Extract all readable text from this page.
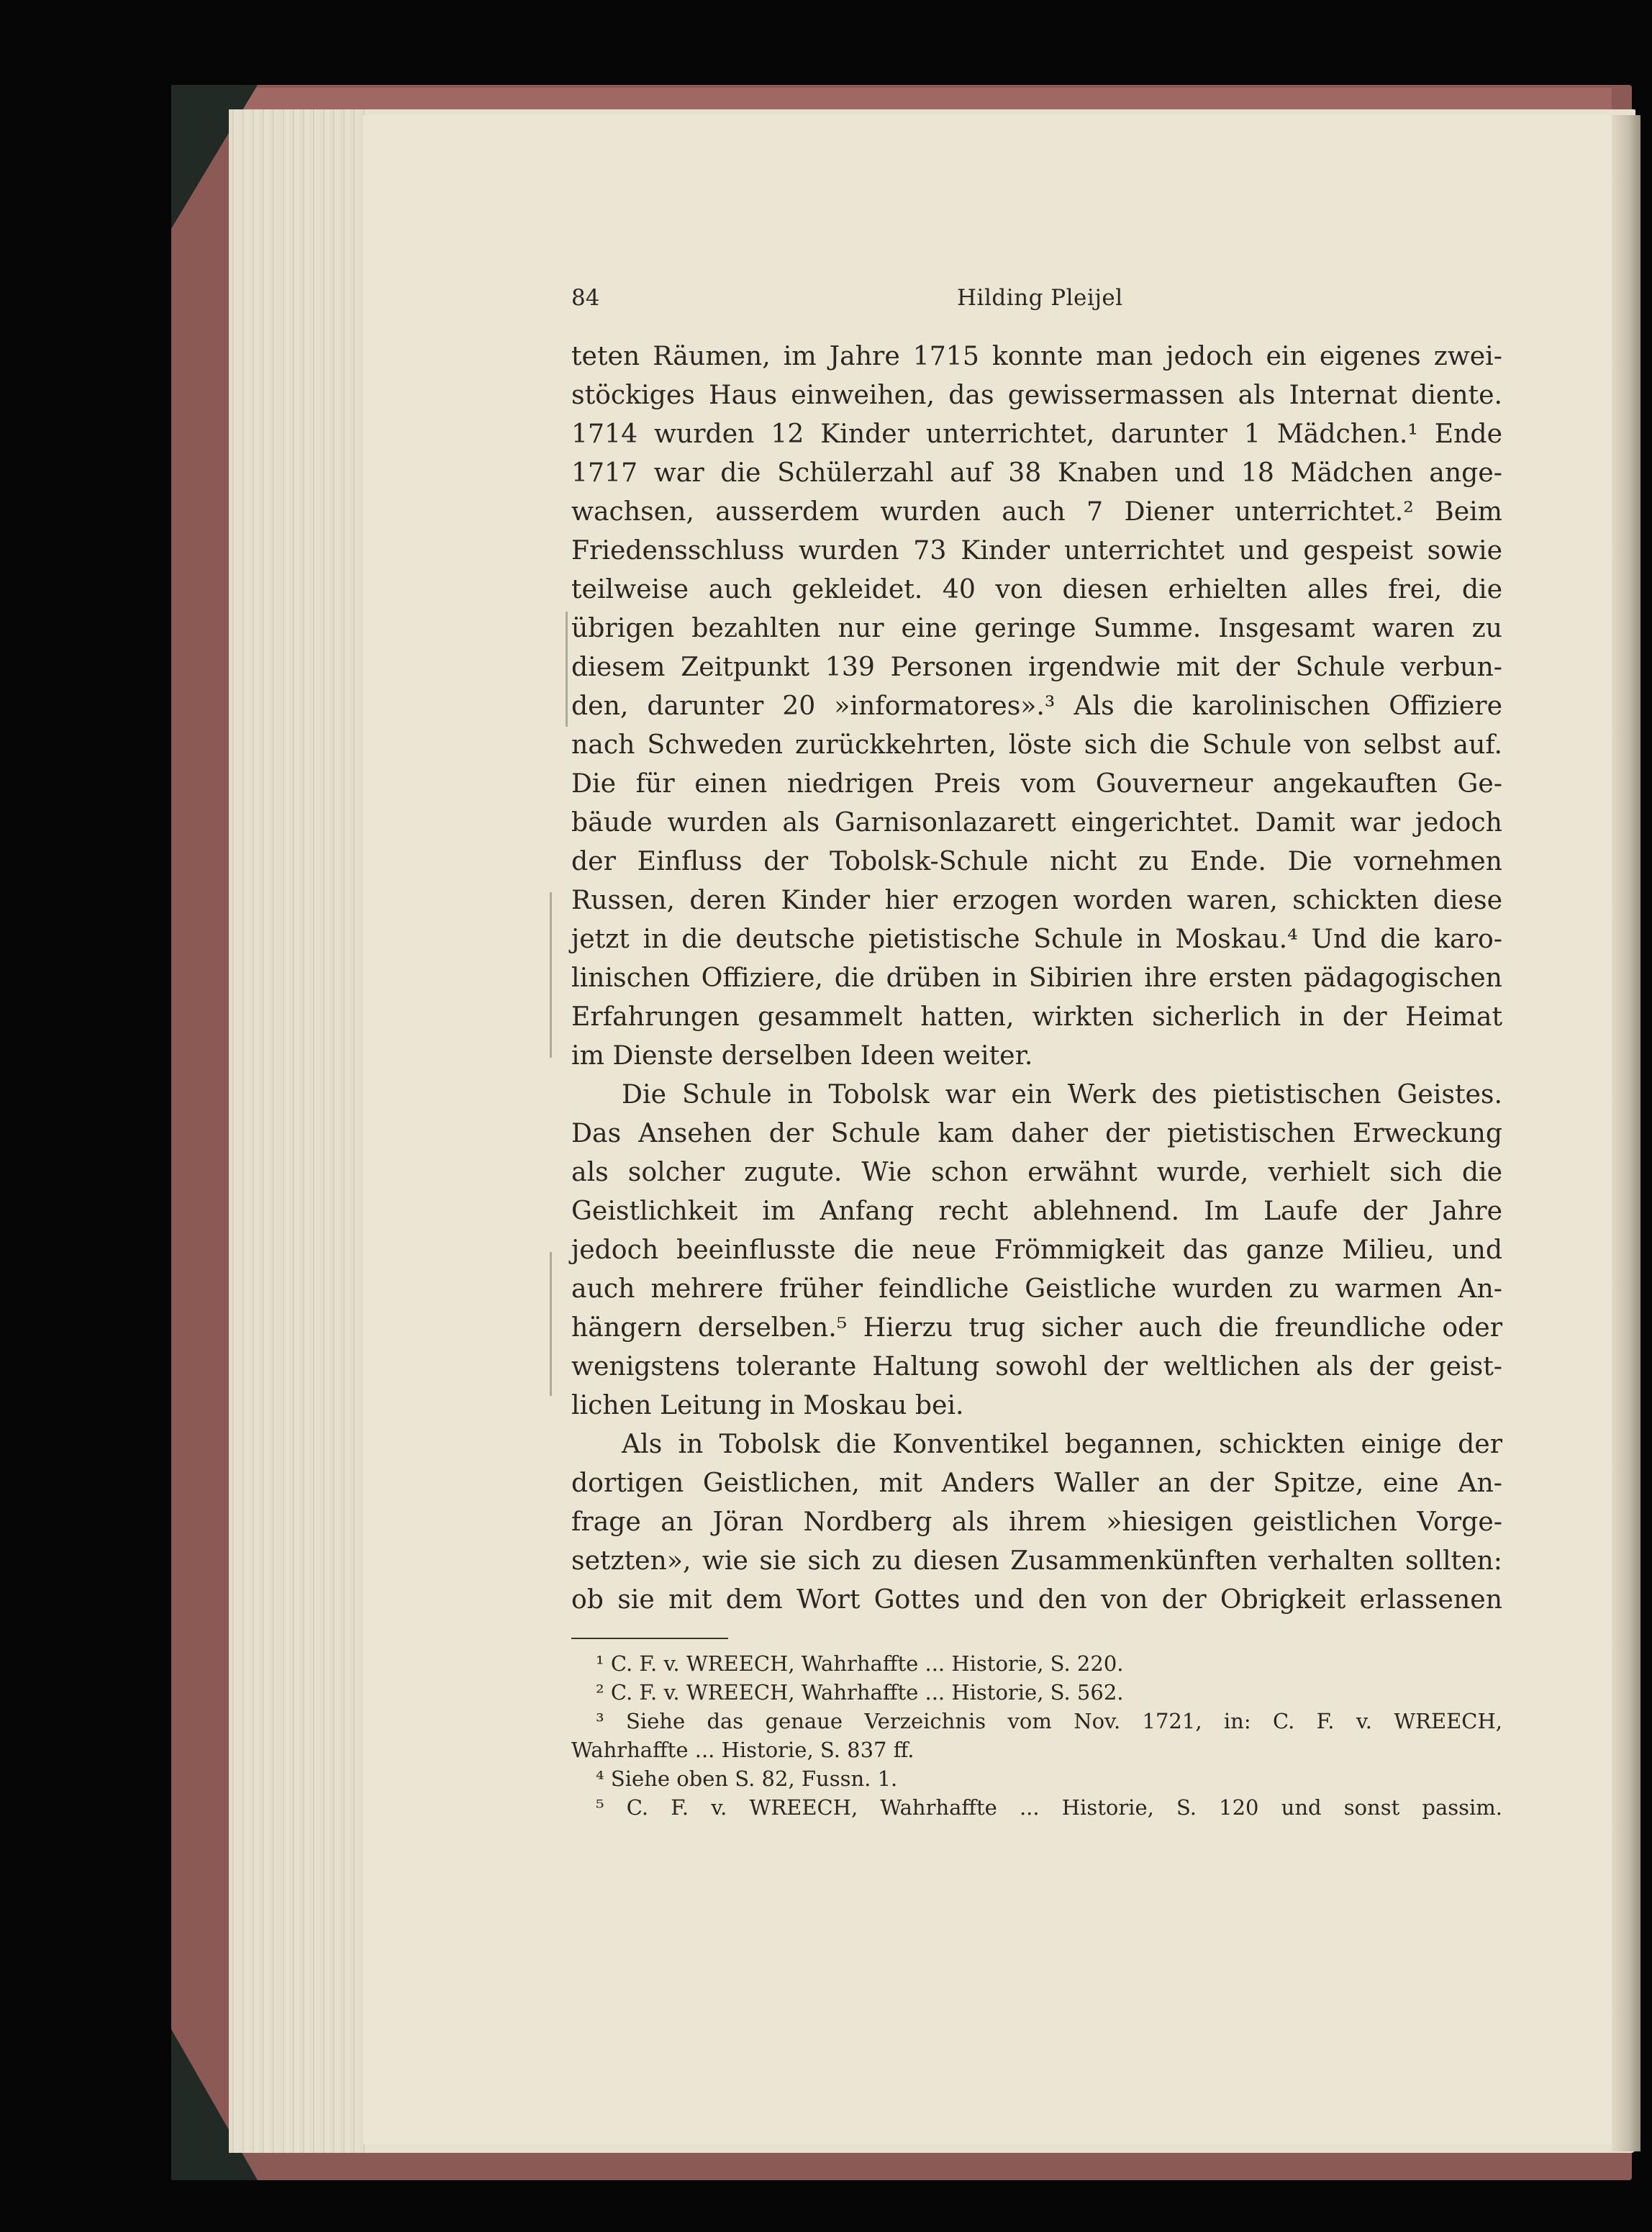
84	Hilding Pleijel
teten Räumen, im Jahre 1715 konnte man jedoch ein eigenes zwei-
stöckiges Haus einweihen, das gewissermassen als Internat diente.
1714 wurden 12 Kinder unterrichtet, darunter 1 Mädchen.¹ Ende
1717 war die Schülerzahl auf 38 Knaben und 18 Mädchen ange-
wachsen, ausserdem wurden auch 7 Diener unterrichtet.² Beim
Friedensschluss wurden 73 Kinder unterrichtet und gespeist sowie
teilweise auch gekleidet. 40 von diesen erhielten alles frei, die
übrigen bezahlten nur eine geringe Summe. Insgesamt waren zu
diesem Zeitpunkt 139 Personen irgendwie mit der Schule verbun-
den, darunter 20 »informatores».³ Als die karolinischen Offiziere
nach Schweden zurückkehrten, löste sich die Schule von selbst auf.
Die für einen niedrigen Preis vom Gouverneur angekauften Ge-
bäude wurden als Garnisonlazarett eingerichtet. Damit war jedoch
der Einfluss der Tobolsk-Schule nicht zu Ende. Die vornehmen
Russen, deren Kinder hier erzogen worden waren, schickten diese
jetzt in die deutsche pietistische Schule in Moskau.⁴ Und die karo-
linischen Offiziere, die drüben in Sibirien ihre ersten pädagogischen
Erfahrungen gesammelt hatten, wirkten sicherlich in der Heimat
im Dienste derselben Ideen weiter.
Die Schule in Tobolsk war ein Werk des pietistischen Geistes.
Das Ansehen der Schule kam daher der pietistischen Erweckung
als solcher zugute. Wie schon erwähnt wurde, verhielt sich die
Geistlichkeit im Anfang recht ablehnend. Im Laufe der Jahre
jedoch beeinflusste die neue Frömmigkeit das ganze Milieu, und
auch mehrere früher feindliche Geistliche wurden zu warmen An-
hängern derselben.⁵ Hierzu trug sicher auch die freundliche oder
wenigstens tolerante Haltung sowohl der weltlichen als der geist-
lichen Leitung in Moskau bei.
Als in Tobolsk die Konventikel begannen, schickten einige der
dortigen Geistlichen, mit Anders Waller an der Spitze, eine An-
frage an Jöran Nordberg als ihrem »hiesigen geistlichen Vorge-
setzten», wie sie sich zu diesen Zusammenkünften verhalten sollten:
ob sie mit dem Wort Gottes und den von der Obrigkeit erlassenen
¹ C. F. v. WREECH, Wahrhaffte ... Historie, S. 220.
² C. F. v. WREECH, Wahrhaffte ... Historie, S. 562.
³ Siehe das genaue Verzeichnis vom Nov. 1721, in: C. F. v. WREECH,
Wahrhaffte ... Historie, S. 837 ff.
⁴ Siehe oben S. 82, Fussn. 1.
⁵ C. F. v. WREECH, Wahrhaffte ... Historie, S. 120 und sonst passim.
